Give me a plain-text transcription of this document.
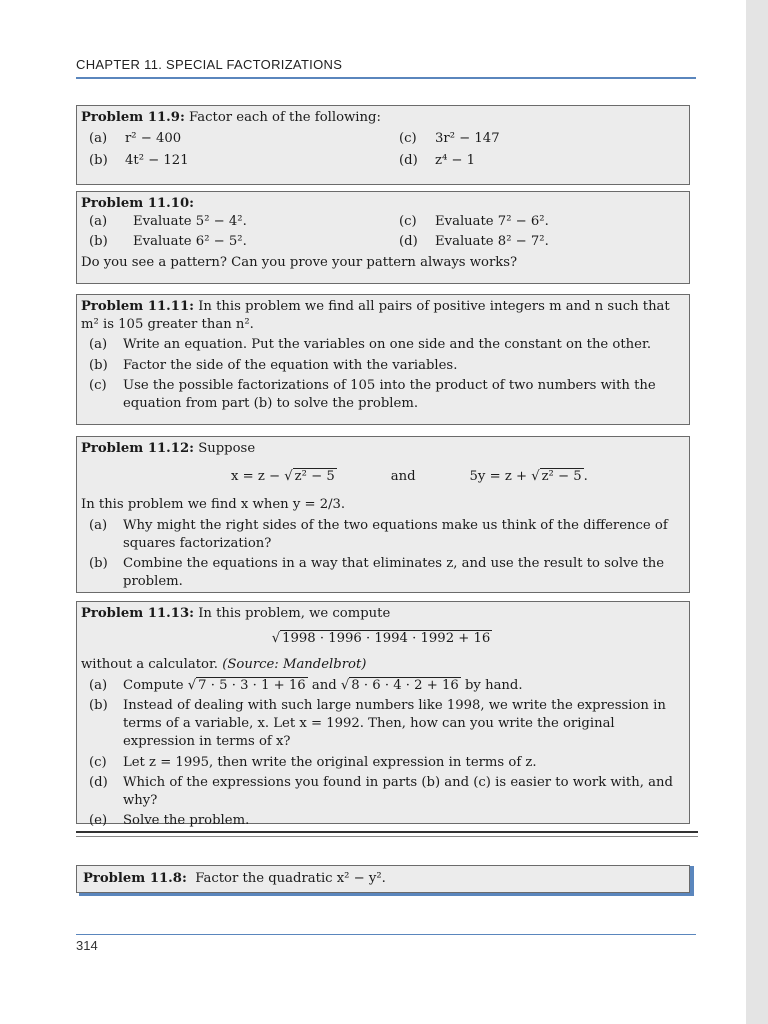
CHAPTER 11. SPECIAL FACTORIZATIONS
Problem 11.9: Factor each of the following:
(a)	r² − 400	(c)	3r² − 147
(b)	4t² − 121	(d)	z⁴ − 1
Problem 11.10:
(a)	Evaluate 5² − 4².	(c)	Evaluate 7² − 6².
(b)	Evaluate 6² − 5².	(d)	Evaluate 8² − 7².
Do you see a pattern? Can you prove your pattern always works?
Problem 11.11: In this problem we find all pairs of positive integers m and n such that m² is 105 greater than n².
(a)	Write an equation. Put the variables on one side and the constant on the other.
(b)	Factor the side of the equation with the variables.
(c)	Use the possible factorizations of 105 into the product of two numbers with the equation from part (b) to solve the problem.
Problem 11.12: Suppose
x = z − √ z² − 5	and	5y = z + √ z² − 5 .
In this problem we find x when y = 2/3.
(a)	Why might the right sides of the two equations make us think of the difference of squares factorization?
(b)	Combine the equations in a way that eliminates z, and use the result to solve the problem.
Problem 11.13: In this problem, we compute
√ 1998 · 1996 · 1994 · 1992 + 16
without a calculator. (Source: Mandelbrot)
(a)	Compute √ 7 · 5 · 3 · 1 + 16 and √ 8 · 6 · 4 · 2 + 16 by hand.
(b)	Instead of dealing with such large numbers like 1998, we write the expression in terms of a variable, x. Let x = 1992. Then, how can you write the original expression in terms of x?
(c)	Let z = 1995, then write the original expression in terms of z.
(d)	Which of the expressions you found in parts (b) and (c) is easier to work with, and why?
(e)	Solve the problem.
Problem 11.8: Factor the quadratic x² − y².
314
